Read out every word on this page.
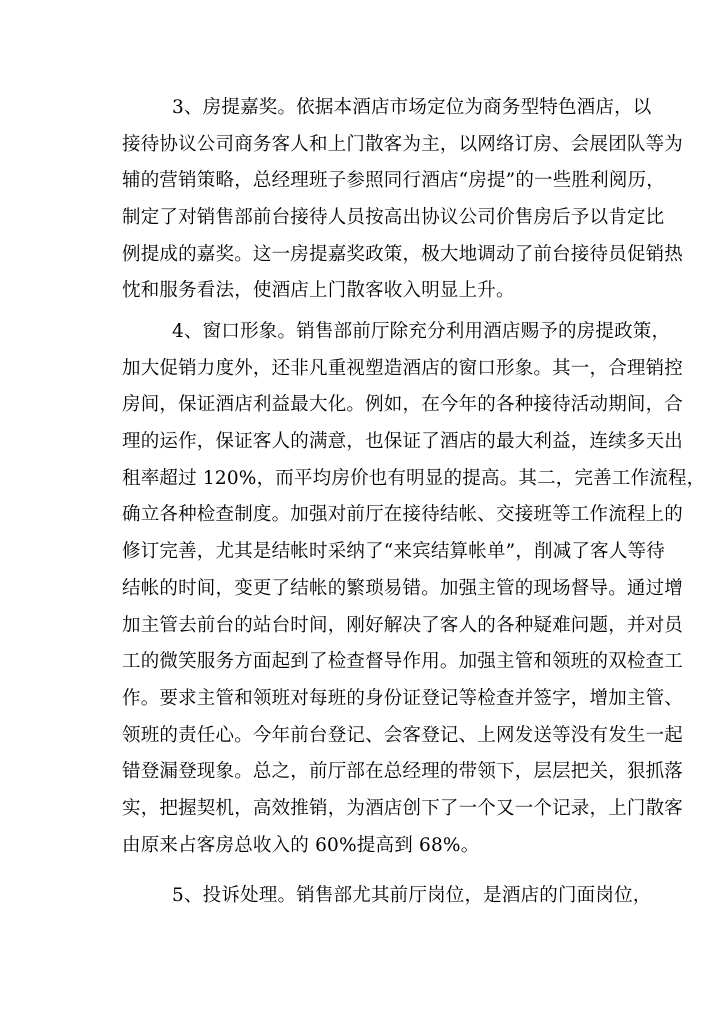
3、房提嘉奖。依据本酒店市场定位为商务型特色酒店，以
接待协议公司商务客人和上门散客为主，以网络订房、会展团队等为
辅的营销策略，总经理班子参照同行酒店“房提”的一些胜利阅历，
制定了对销售部前台接待人员按高出协议公司价售房后予以肯定比
例提成的嘉奖。这一房提嘉奖政策，极大地调动了前台接待员促销热
忱和服务看法，使酒店上门散客收入明显上升。
4、窗口形象。销售部前厅除充分利用酒店赐予的房提政策，
加大促销力度外，还非凡重视塑造酒店的窗口形象。其一，合理销控
房间，保证酒店利益最大化。例如，在今年的各种接待活动期间，合
理的运作，保证客人的满意，也保证了酒店的最大利益，连续多天出
租率超过 120%，而平均房价也有明显的提高。其二，完善工作流程，
确立各种检查制度。加强对前厅在接待结帐、交接班等工作流程上的
修订完善，尤其是结帐时采纳了“来宾结算帐单”，削减了客人等待
结帐的时间，变更了结帐的繁琐易错。加强主管的现场督导。通过增
加主管去前台的站台时间，刚好解决了客人的各种疑难问题，并对员
工的微笑服务方面起到了检查督导作用。加强主管和领班的双检查工
作。要求主管和领班对每班的身份证登记等检查并签字，增加主管、
领班的责任心。今年前台登记、会客登记、上网发送等没有发生一起
错登漏登现象。总之，前厅部在总经理的带领下，层层把关，狠抓落
实，把握契机，高效推销，为酒店创下了一个又一个记录，上门散客
由原来占客房总收入的 60%提高到 68%。
5、投诉处理。销售部尤其前厅岗位，是酒店的门面岗位，
